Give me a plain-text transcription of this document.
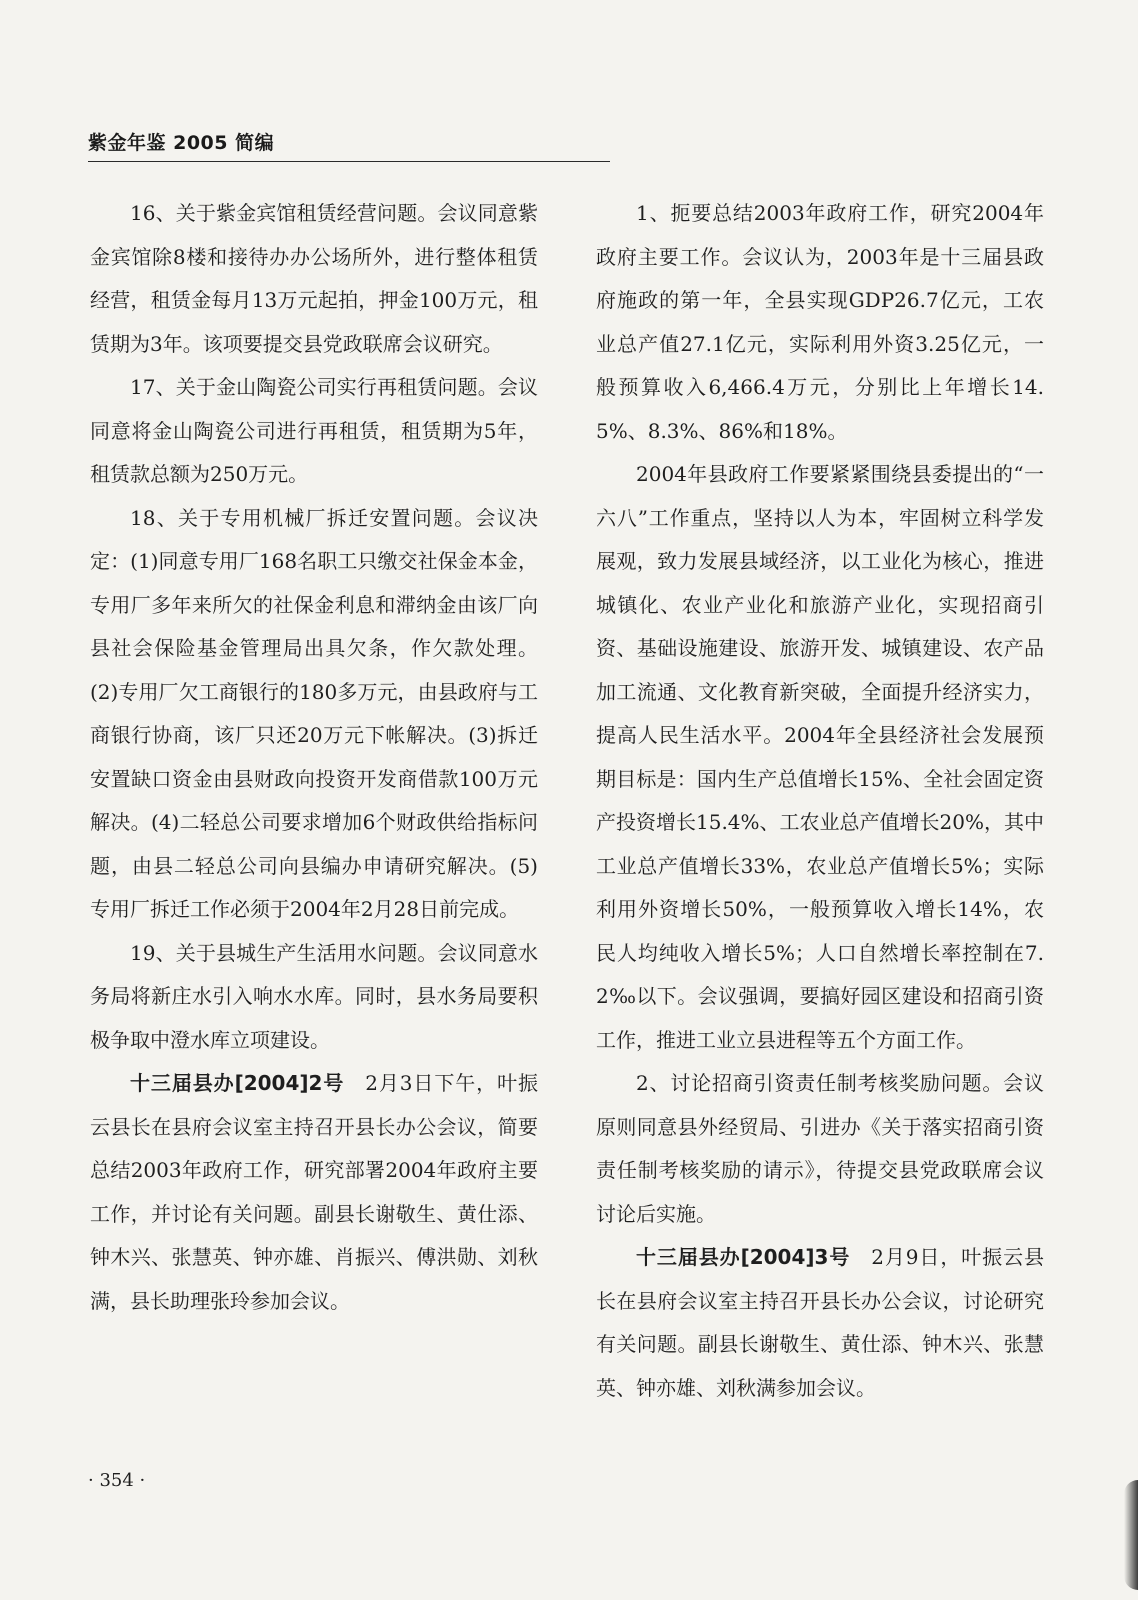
紫金年鉴 2005 简编

16、关于紫金宾馆租赁经营问题。会议同意紫金宾馆除8楼和接待办办公场所外，进行整体租赁经营，租赁金每月13万元起拍，押金100万元，租赁期为3年。该项要提交县党政联席会议研究。

17、关于金山陶瓷公司实行再租赁问题。会议同意将金山陶瓷公司进行再租赁，租赁期为5年，租赁款总额为250万元。

18、关于专用机械厂拆迁安置问题。会议决定：(1)同意专用厂168名职工只缴交社保金本金，专用厂多年来所欠的社保金利息和滞纳金由该厂向县社会保险基金管理局出具欠条，作欠款处理。(2)专用厂欠工商银行的180多万元，由县政府与工商银行协商，该厂只还20万元下帐解决。(3)拆迁安置缺口资金由县财政向投资开发商借款100万元解决。(4)二轻总公司要求增加6个财政供给指标问题，由县二轻总公司向县编办申请研究解决。(5)专用厂拆迁工作必须于2004年2月28日前完成。

19、关于县城生产生活用水问题。会议同意水务局将新庄水引入响水水库。同时，县水务局要积极争取中澄水库立项建设。

十三届县办[2004]2号　2月3日下午，叶振云县长在县府会议室主持召开县长办公会议，简要总结2003年政府工作，研究部署2004年政府主要工作，并讨论有关问题。副县长谢敬生、黄仕添、钟木兴、张慧英、钟亦雄、肖振兴、傅洪勋、刘秋满，县长助理张玲参加会议。

1、扼要总结2003年政府工作，研究2004年政府主要工作。会议认为，2003年是十三届县政府施政的第一年，全县实现GDP26.7亿元，工农业总产值27.1亿元，实际利用外资3.25亿元，一般预算收入6,466.4万元，分别比上年增长14.5%、8.3%、86%和18%。

2004年县政府工作要紧紧围绕县委提出的“一六八”工作重点，坚持以人为本，牢固树立科学发展观，致力发展县域经济，以工业化为核心，推进城镇化、农业产业化和旅游产业化，实现招商引资、基础设施建设、旅游开发、城镇建设、农产品加工流通、文化教育新突破，全面提升经济实力，提高人民生活水平。2004年全县经济社会发展预期目标是：国内生产总值增长15%、全社会固定资产投资增长15.4%、工农业总产值增长20%，其中工业总产值增长33%，农业总产值增长5%；实际利用外资增长50%，一般预算收入增长14%，农民人均纯收入增长5%；人口自然增长率控制在7.2‰以下。会议强调，要搞好园区建设和招商引资工作，推进工业立县进程等五个方面工作。

2、讨论招商引资责任制考核奖励问题。会议原则同意县外经贸局、引进办《关于落实招商引资责任制考核奖励的请示》，待提交县党政联席会议讨论后实施。

十三届县办[2004]3号　2月9日，叶振云县长在县府会议室主持召开县长办公会议，讨论研究有关问题。副县长谢敬生、黄仕添、钟木兴、张慧英、钟亦雄、刘秋满参加会议。

· 354 ·
